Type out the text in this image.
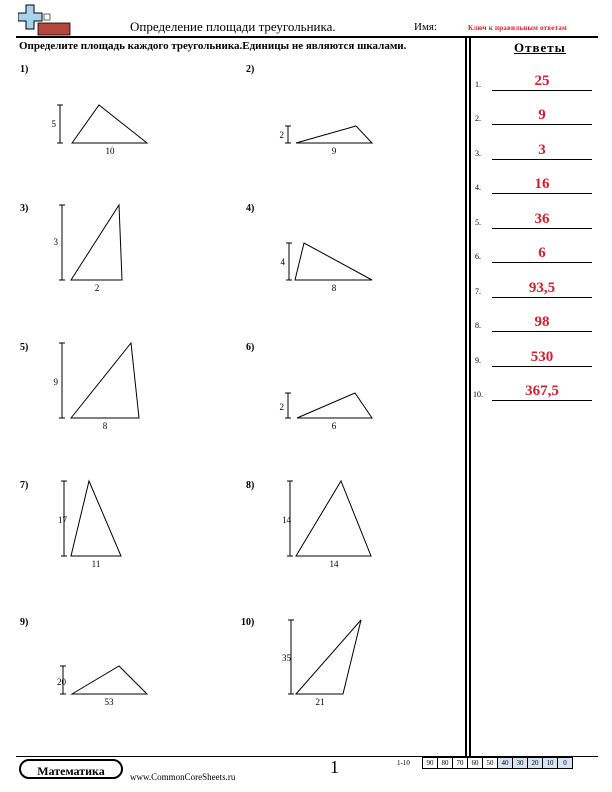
Определение площади треугольника.	Имя:	Ключ к правильным ответам
Определите площадь каждого треугольника.Единицы не являются шкалами.
1)
5
10
2)
2
9
3)
3
2
4)
4
8
5)
9
8
6)
2
6
7)
17
11
8)
14
14
9)
20
53
10)
35
21
Ответы
1.	25
2.	9
3.	3
4.	16
5.	36
6.	6
7.	93,5
8.	98
9.	530
10.	367,5
Математика	www.CommonCoreSheets.ru	1	1-10	90	80	70	60	50	40	30	20	10	0
